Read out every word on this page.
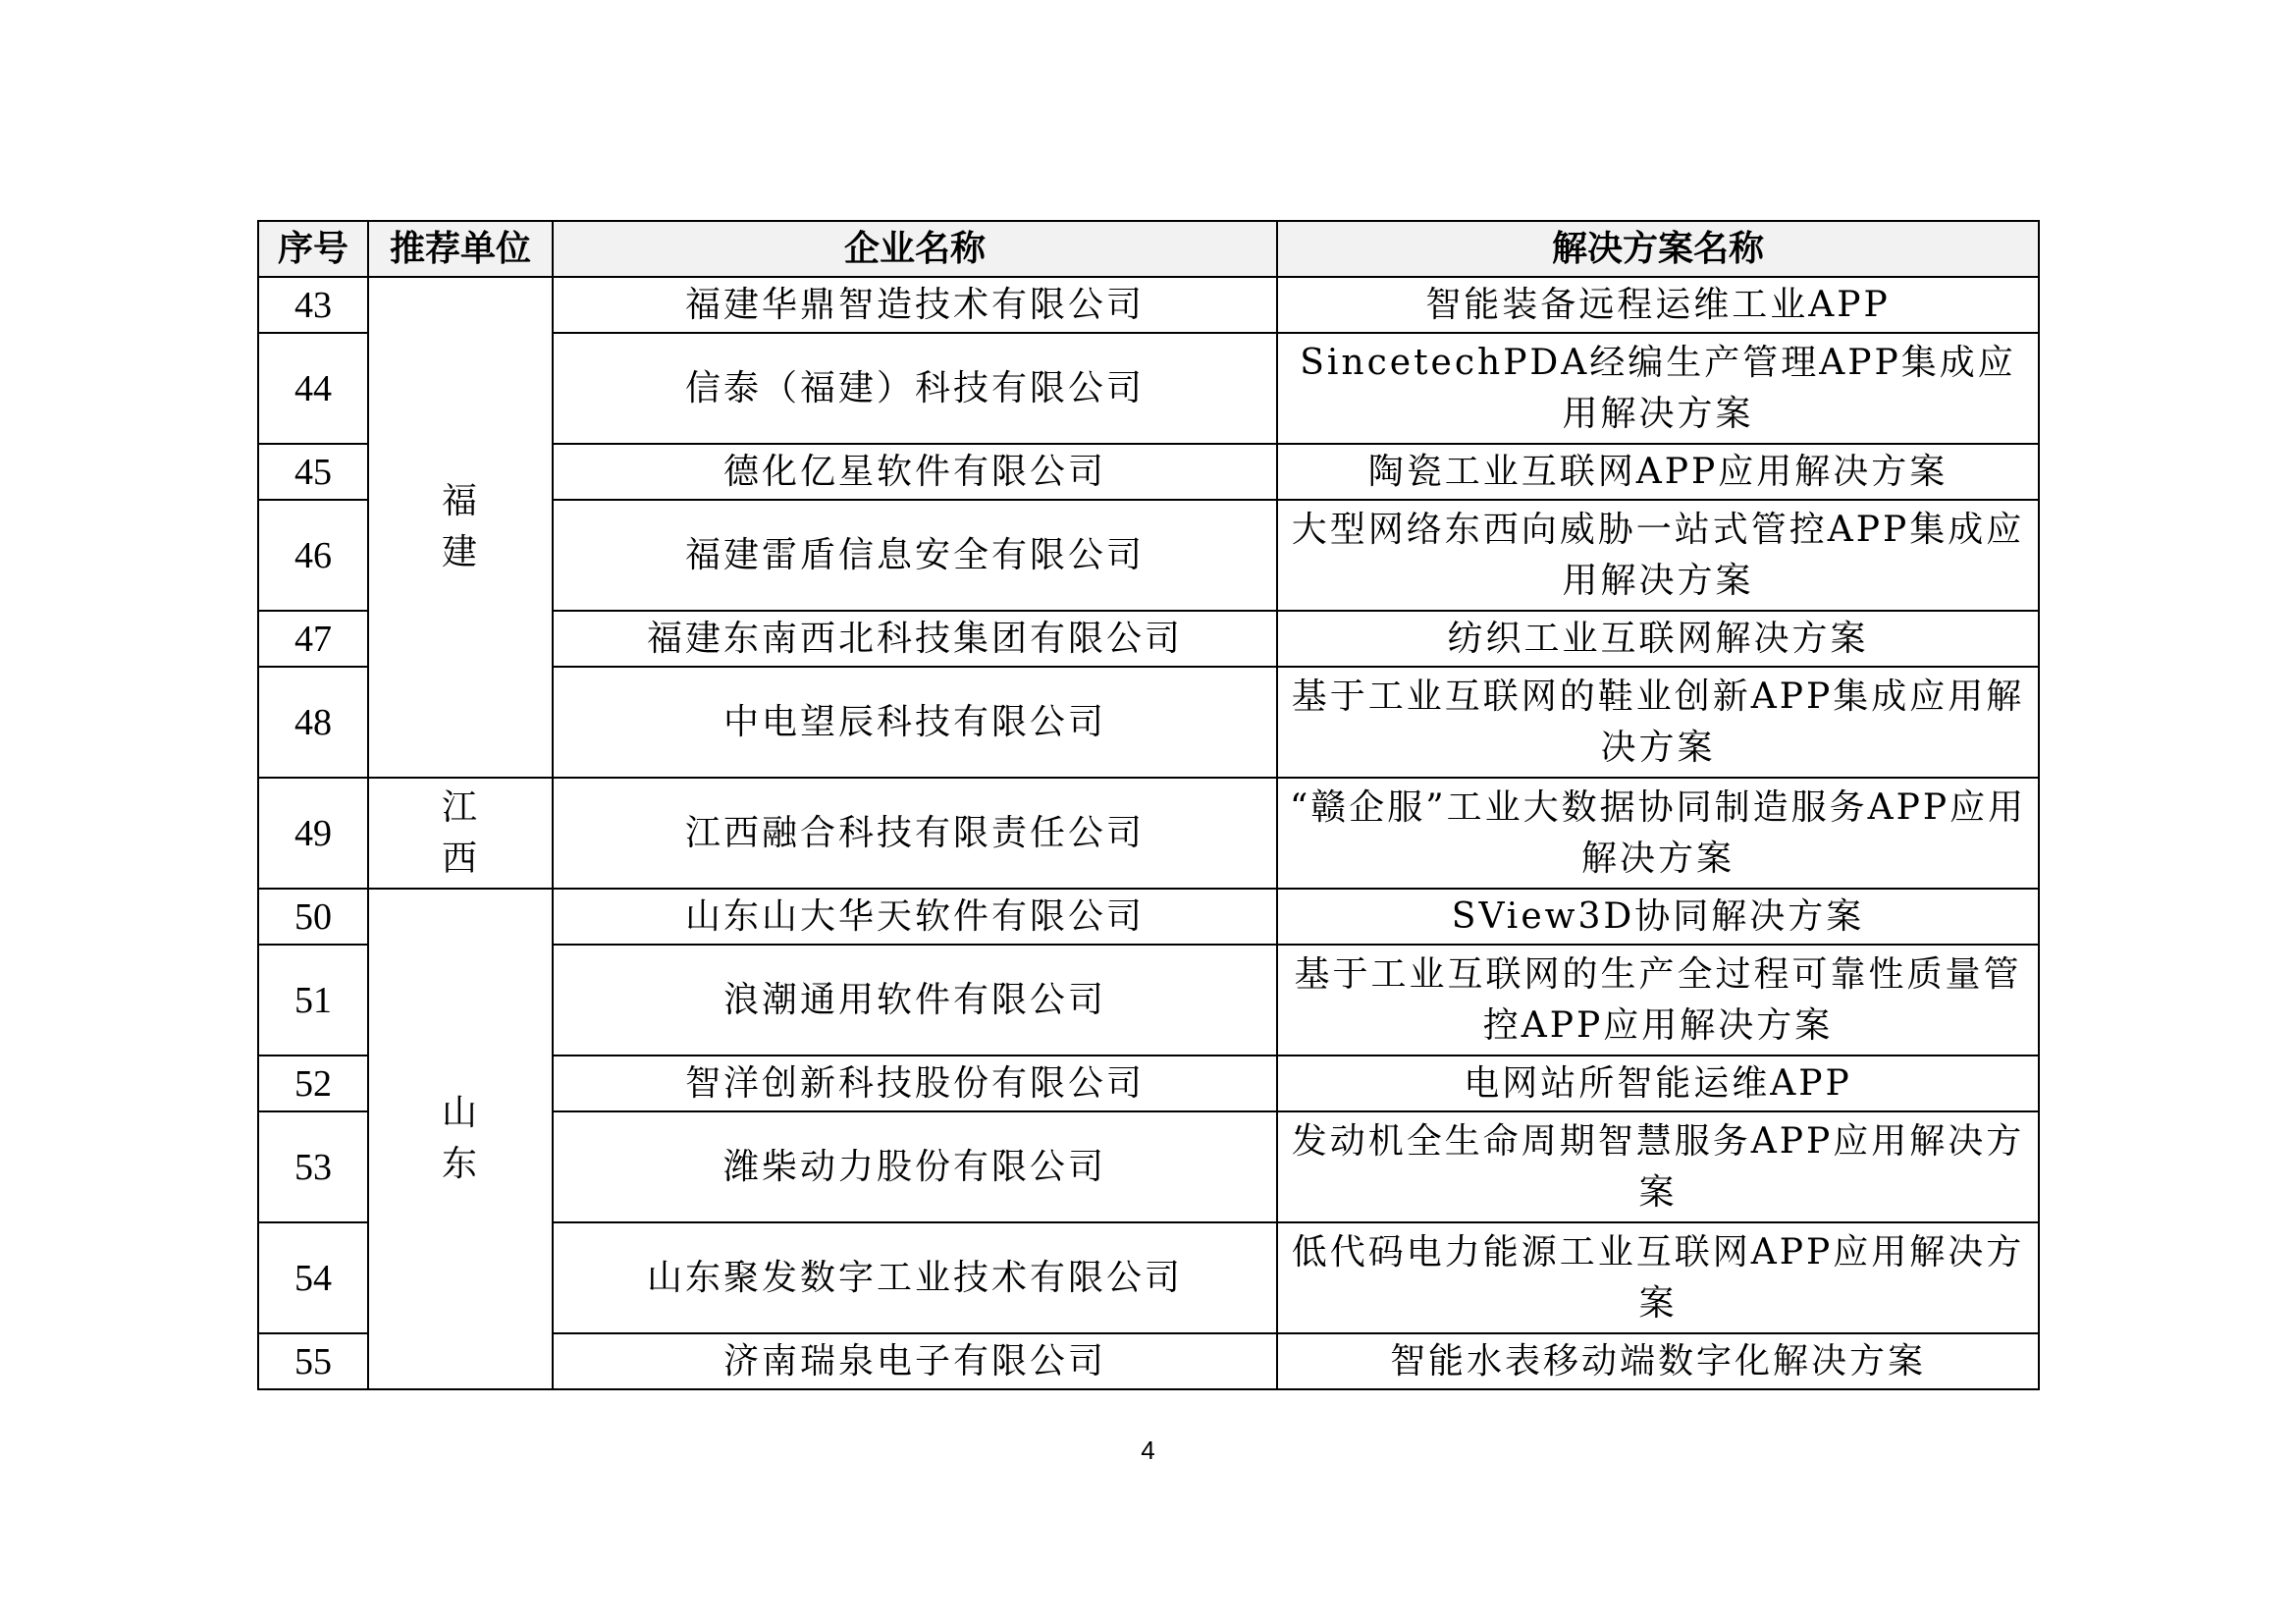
序号	推荐单位	企业名称	解决方案名称
43	福建	福建华鼎智造技术有限公司	智能装备远程运维工业APP
44		信泰（福建）科技有限公司	SincetechPDA经编生产管理APP集成应用解决方案
45		德化亿星软件有限公司	陶瓷工业互联网APP应用解决方案
46		福建雷盾信息安全有限公司	大型网络东西向威胁一站式管控APP集成应用解决方案
47		福建东南西北科技集团有限公司	纺织工业互联网解决方案
48		中电望辰科技有限公司	基于工业互联网的鞋业创新APP集成应用解决方案
49	江西	江西融合科技有限责任公司	“赣企服”工业大数据协同制造服务APP应用解决方案
50	山东	山东山大华天软件有限公司	SView3D协同解决方案
51		浪潮通用软件有限公司	基于工业互联网的生产全过程可靠性质量管控APP应用解决方案
52		智洋创新科技股份有限公司	电网站所智能运维APP
53		潍柴动力股份有限公司	发动机全生命周期智慧服务APP应用解决方案
54		山东聚发数字工业技术有限公司	低代码电力能源工业互联网APP应用解决方案
55		济南瑞泉电子有限公司	智能水表移动端数字化解决方案
4
